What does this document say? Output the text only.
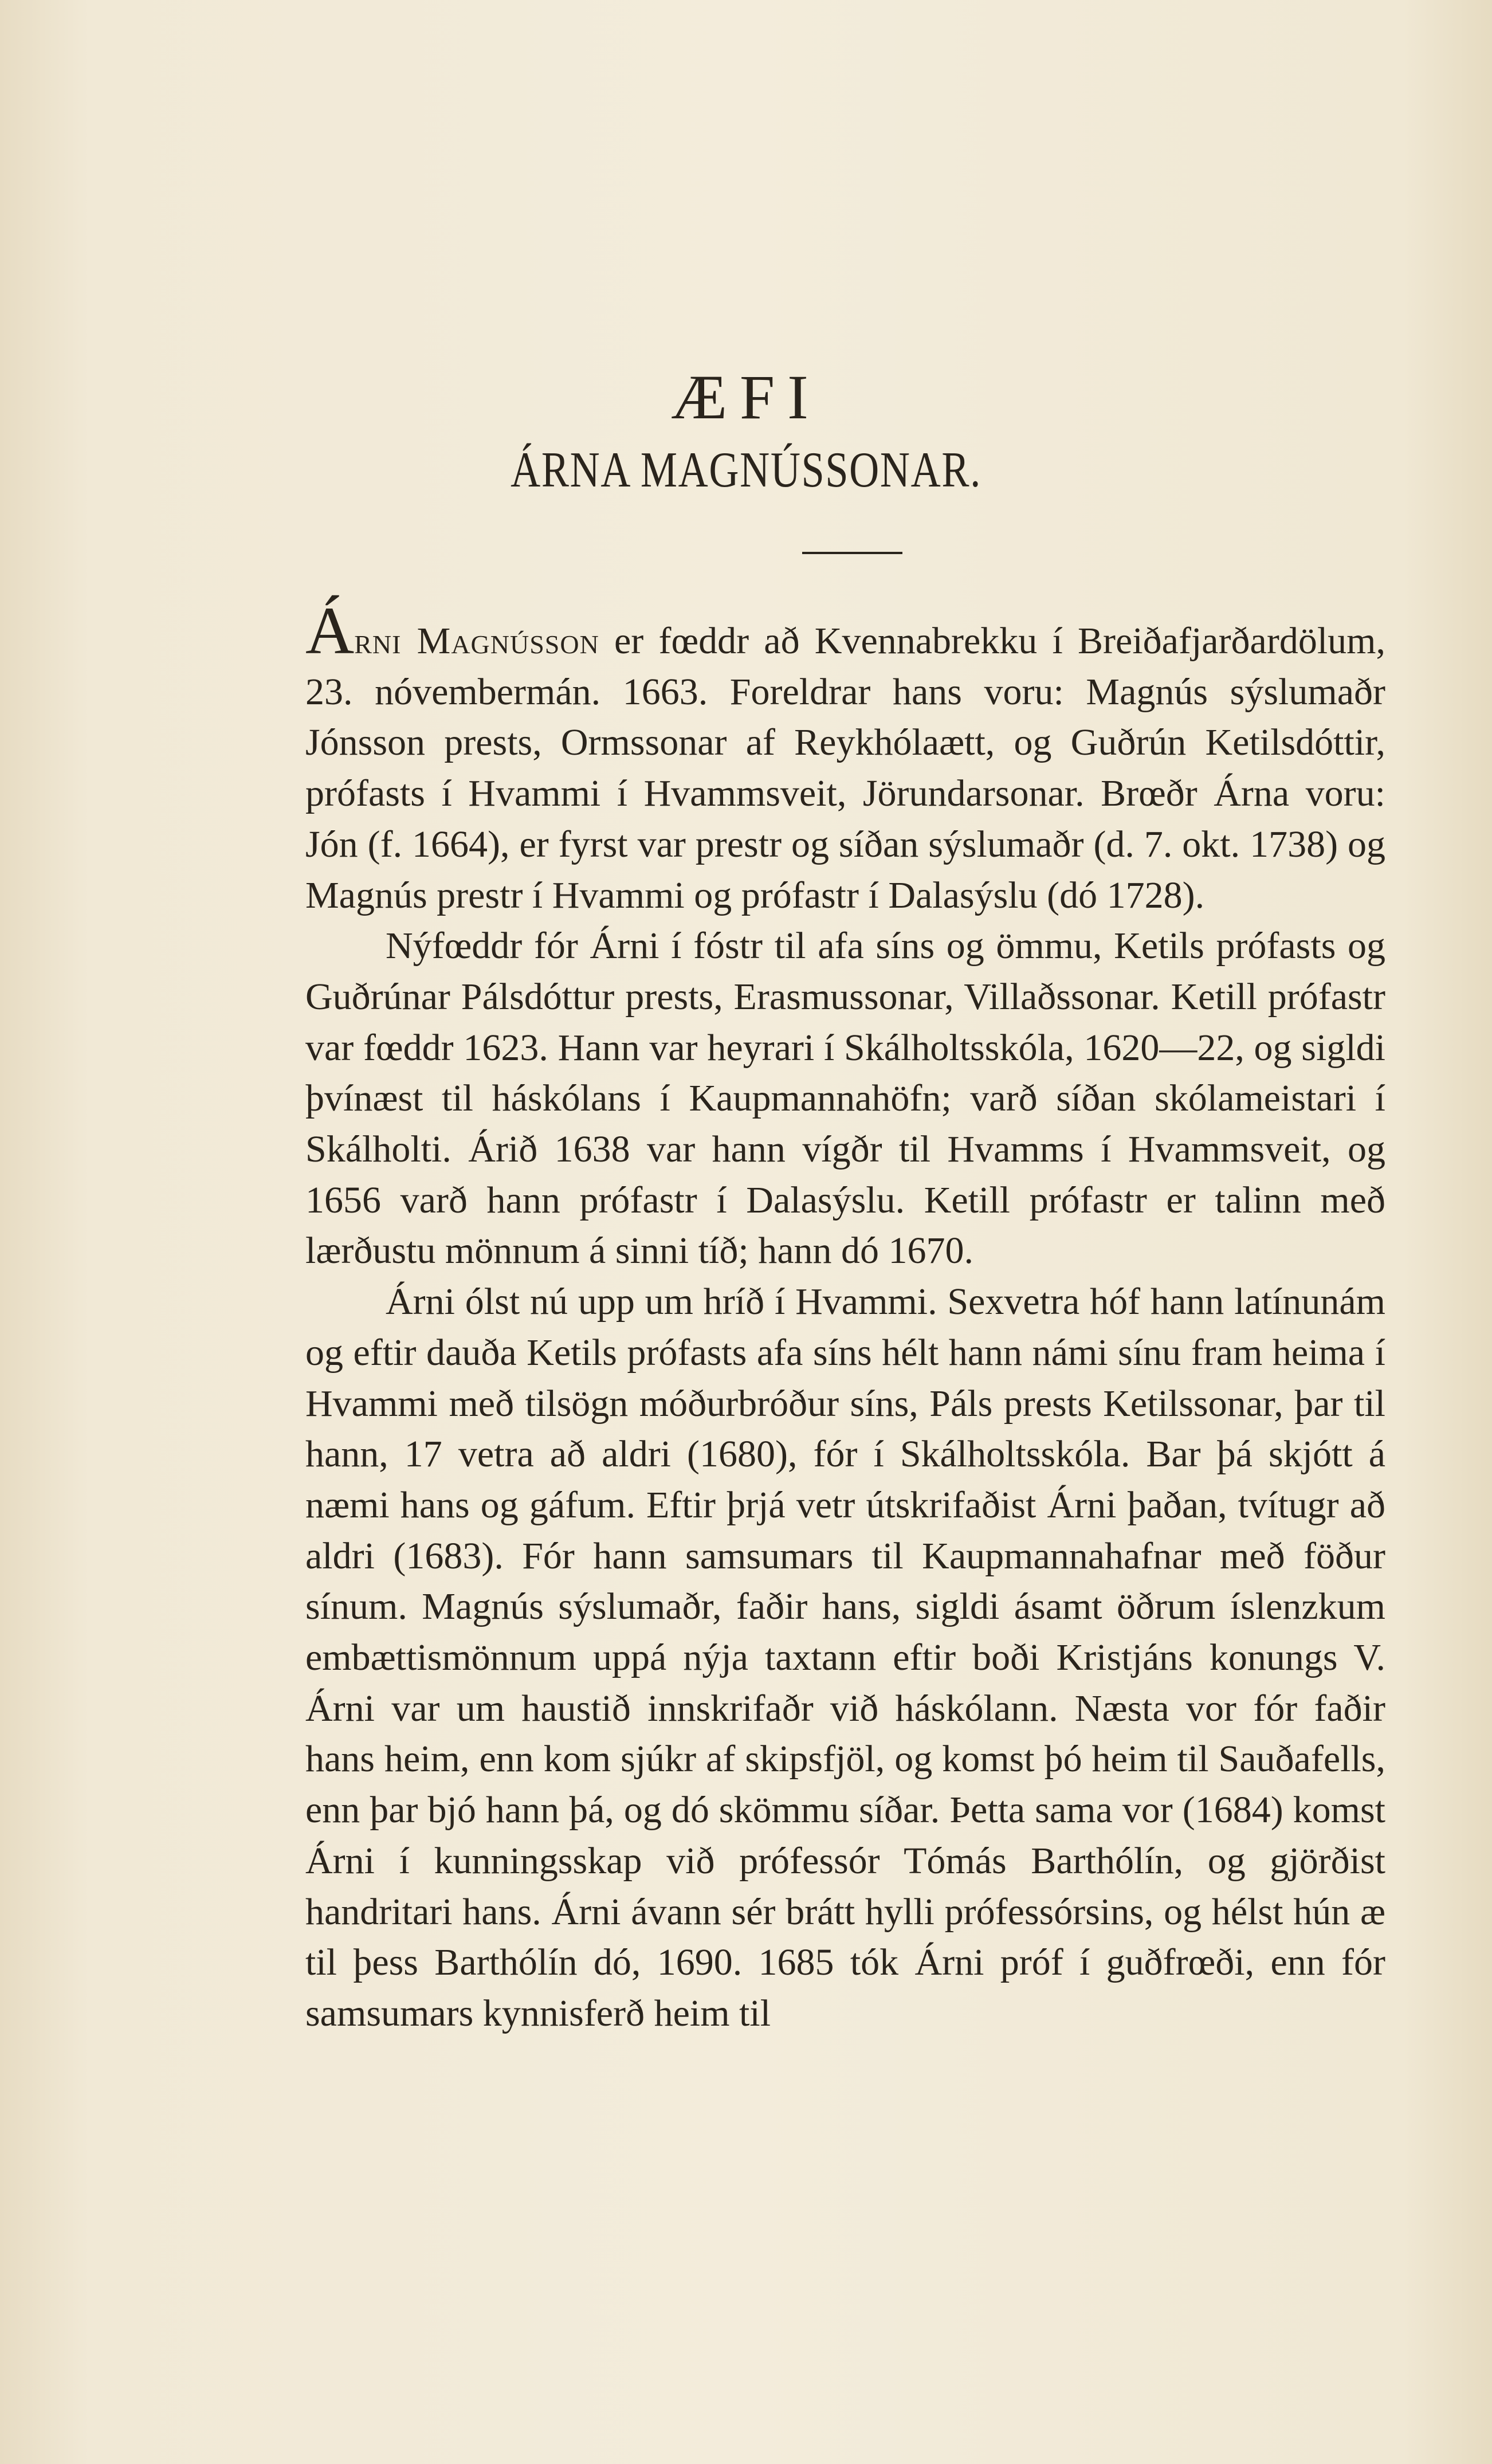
ÆFI
ÁRNA MAGNÚSSONAR.

Árni Magnússon er fœddr að Kvennabrekku í Breiðafjarðardölum, 23. nóvembermán. 1663. Foreldrar hans voru: Magnús sýslumaðr Jónsson prests, Ormssonar af Reykhólaætt, og Guðrún Ketilsdóttir, prófasts í Hvammi í Hvammsveit, Jörundarsonar. Brœðr Árna voru: Jón (f. 1664), er fyrst var prestr og síðan sýslumaðr (d. 7. okt. 1738) og Magnús prestr í Hvammi og prófastr í Dalasýslu (dó 1728).

Nýfœddr fór Árni í fóstr til afa síns og ömmu, Ketils prófasts og Guðrúnar Pálsdóttur prests, Erasmussonar, Villaðssonar. Ketill prófastr var fœddr 1623. Hann var heyrari í Skálholtsskóla, 1620—22, og sigldi þvínæst til háskólans í Kaupmannahöfn; varð síðan skólameistari í Skálholti. Árið 1638 var hann vígðr til Hvamms í Hvammsveit, og 1656 varð hann prófastr í Dalasýslu. Ketill prófastr er talinn með lærðustu mönnum á sinni tíð; hann dó 1670.

Árni ólst nú upp um hríð í Hvammi. Sexvetra hóf hann latínunám og eftir dauða Ketils prófasts afa síns hélt hann námi sínu fram heima í Hvammi með tilsögn móðurbróður síns, Páls prests Ketilssonar, þar til hann, 17 vetra að aldri (1680), fór í Skálholtsskóla. Bar þá skjótt á næmi hans og gáfum. Eftir þrjá vetr útskrifaðist Árni þaðan, tvítugr að aldri (1683). Fór hann samsumars til Kaupmannahafnar með föður sínum. Magnús sýslumaðr, faðir hans, sigldi ásamt öðrum íslenzkum embættismönnum uppá nýja taxtann eftir boði Kristjáns konungs V. Árni var um haustið innskrifaðr við háskólann. Næsta vor fór faðir hans heim, enn kom sjúkr af skipsfjöl, og komst þó heim til Sauðafells, enn þar bjó hann þá, og dó skömmu síðar. Þetta sama vor (1684) komst Árni í kunningsskap við prófessór Tómás Barthólín, og gjörðist handritari hans. Árni ávann sér brátt hylli prófessórsins, og hélst hún æ til þess Barthólín dó, 1690. 1685 tók Árni próf í guðfrœði, enn fór samsumars kynnisferð heim til
